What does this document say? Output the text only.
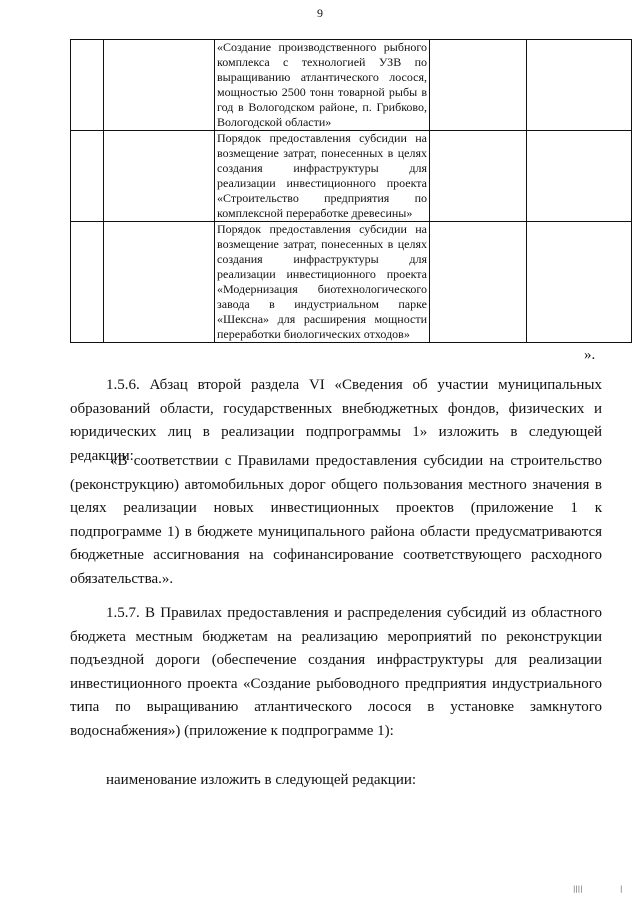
9
		«Создание производственного рыбного комплекса с технологией УЗВ по выращиванию атлантического лосося, мощностью 2500 тонн товарной рыбы в год в Вологодском районе, п. Грибково, Вологодской области»		
		Порядок предоставления субсидии на возмещение затрат, понесенных в целях создания инфраструктуры для реализации инвестиционного проекта «Строительство предприятия по комплексной переработке древесины»		
		Порядок предоставления субсидии на возмещение затрат, понесенных в целях создания инфраструктуры для реализации инвестиционного проекта «Модернизация биотехнологического завода в индустриальном парке «Шексна» для расширения мощности переработки биологических отходов»		
».

1.5.6. Абзац второй раздела VI «Сведения об участии муниципальных образований области, государственных внебюджетных фондов, физических и юридических лиц в реализации подпрограммы 1» изложить в следующей редакции:

«В соответствии с Правилами предоставления субсидии на строительство (реконструкцию) автомобильных дорог общего пользования местного значения в целях реализации новых инвестиционных проектов (приложение 1 к подпрограмме 1) в бюджете муниципального района области предусматриваются бюджетные ассигнования на софинансирование соответствующего расходного обязательства.».

1.5.7. В Правилах предоставления и распределения субсидий из областного бюджета местным бюджетам на реализацию мероприятий по реконструкции подъездной дороги (обеспечение создания инфраструктуры для реализации инвестиционного проекта «Создание рыбоводного предприятия индустриального типа по выращиванию атлантического лосося в установке замкнутого водоснабжения») (приложение к подпрограмме 1):

наименование изложить в следующей редакции:

||||	|
